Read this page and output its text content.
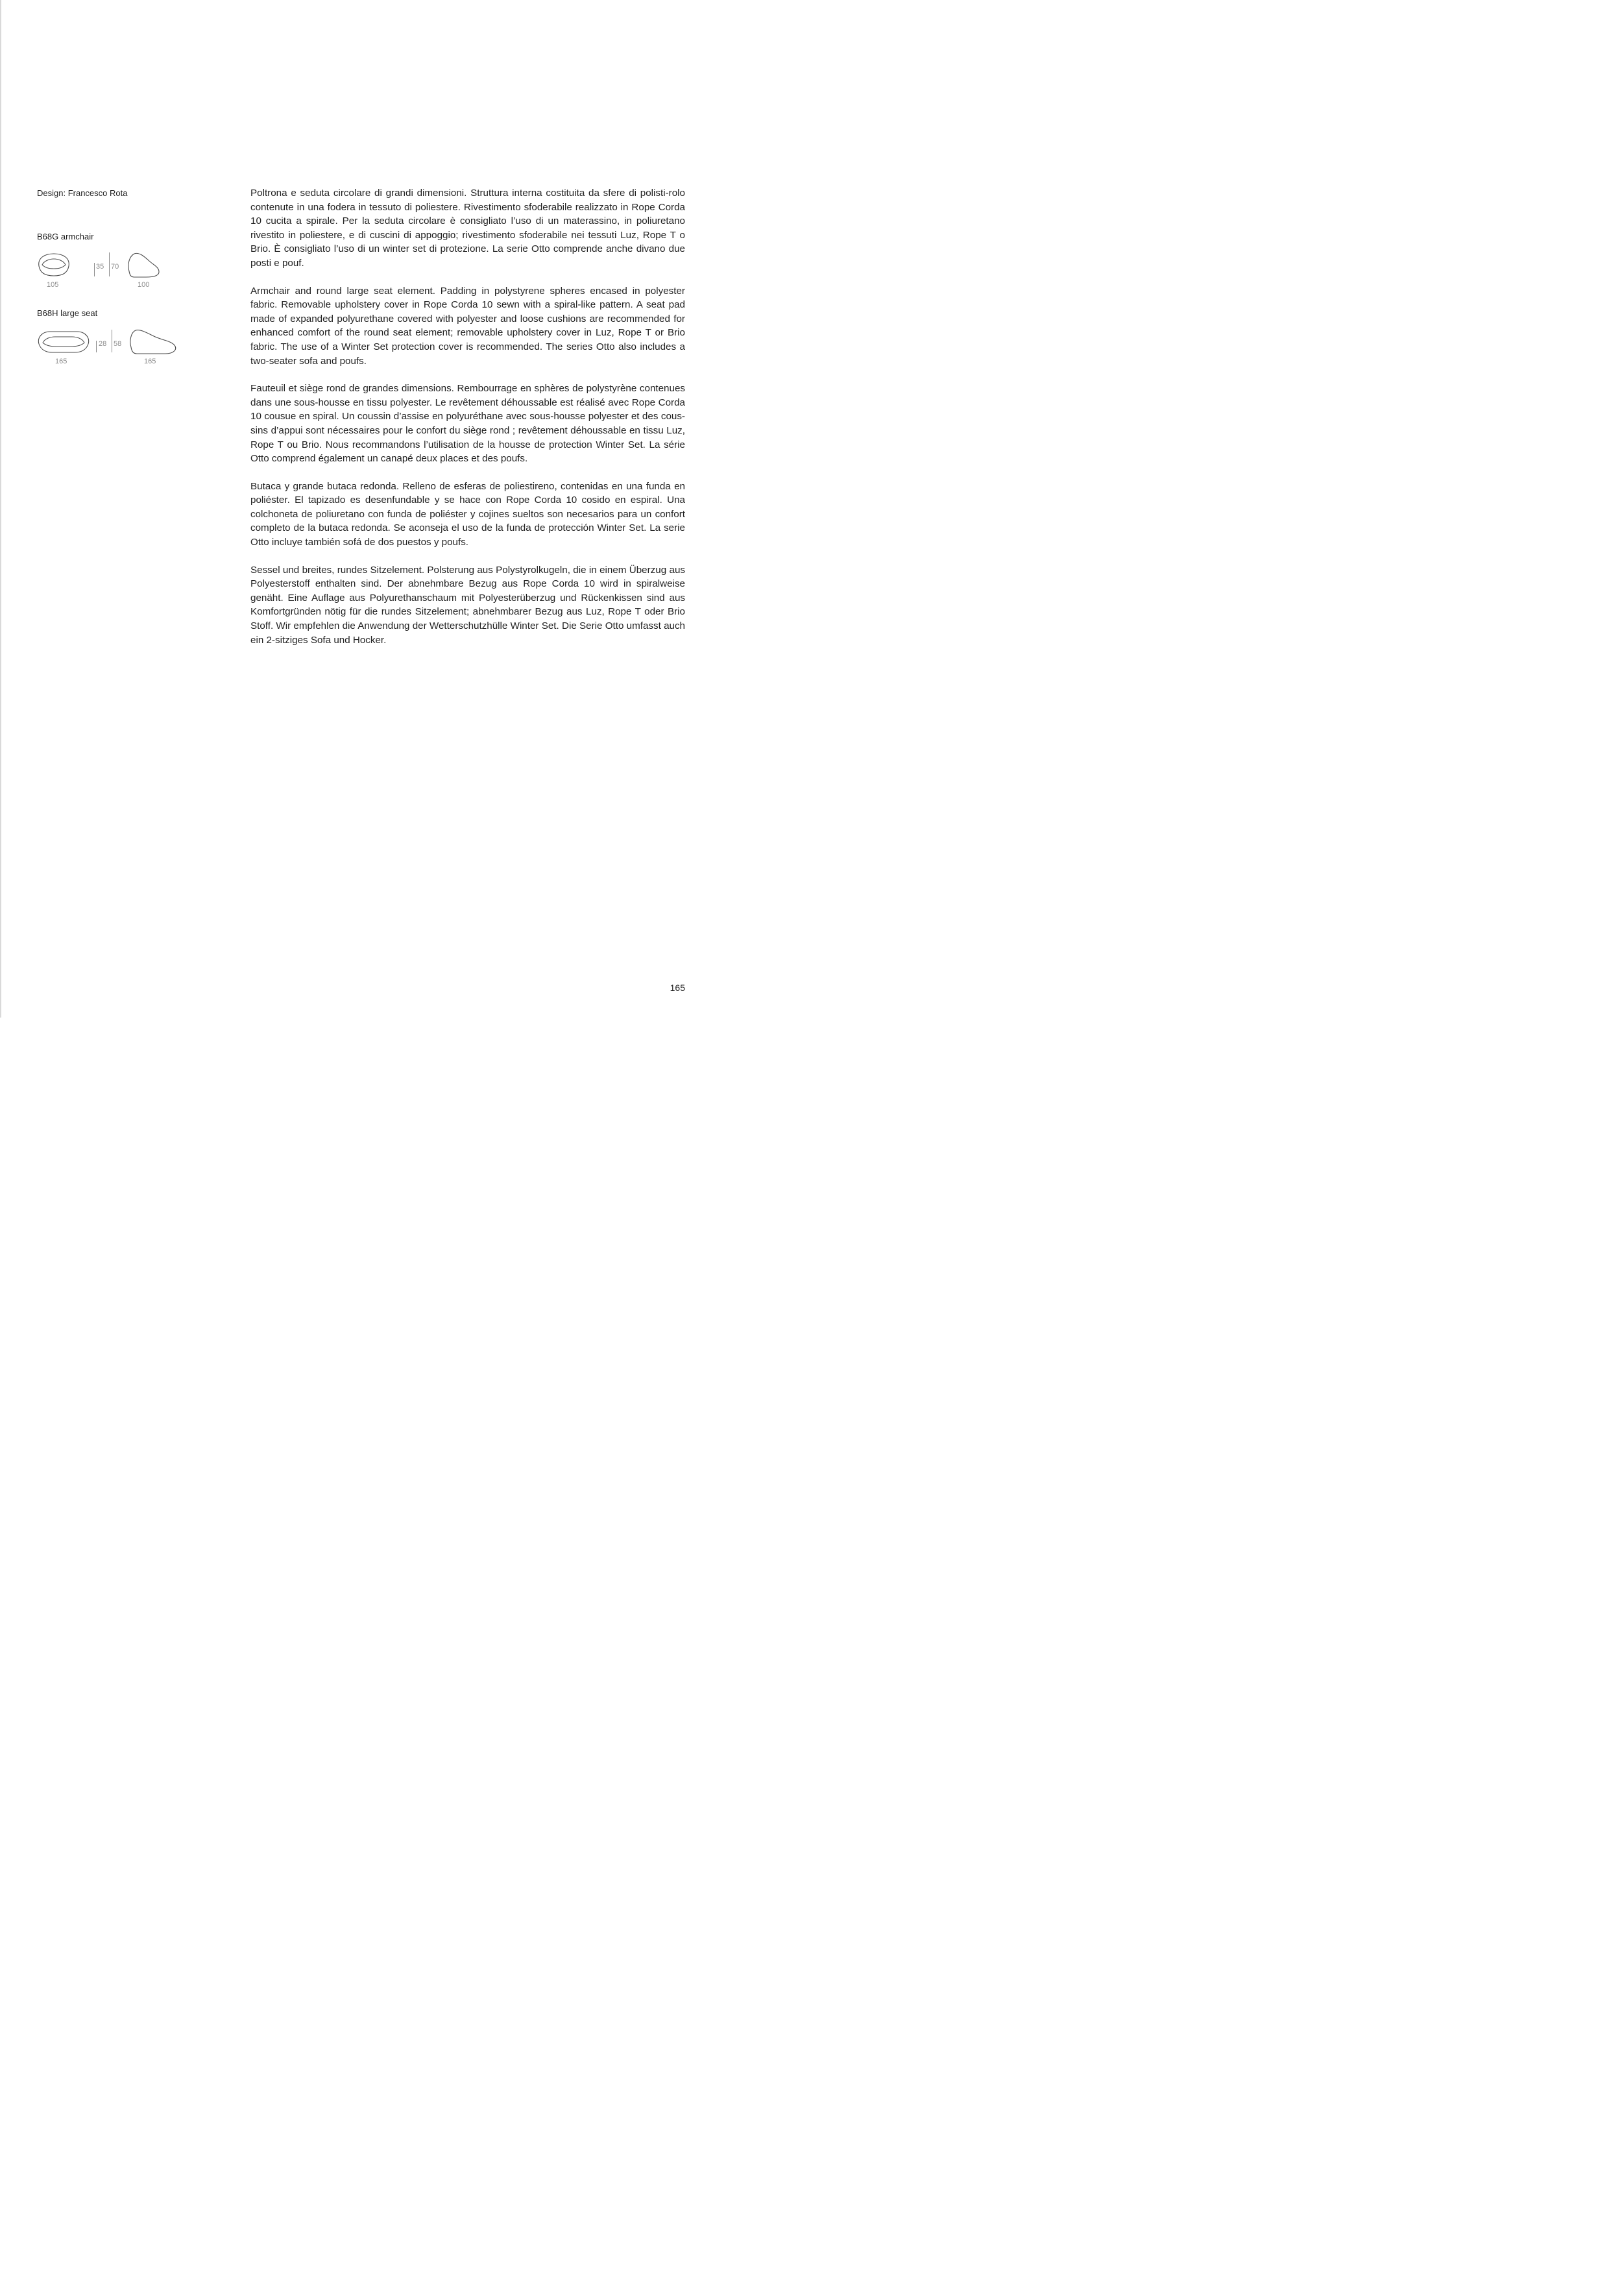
Design: Francesco Rota
B68G armchair
35 70
105	100
B68H large seat
28 58
165	165

Poltrona e seduta circolare di grandi dimensioni. Struttura interna costituita da sfere di polisti-rolo contenute in una fodera in tessuto di poliestere. Rivestimento sfoderabile realizzato in Rope Corda 10 cucita a spirale. Per la seduta circolare è consigliato l’uso di un materassino, in poliuretano rivestito in poliestere, e di cuscini di appoggio; rivestimento sfoderabile nei tessuti Luz, Rope T o Brio. È consigliato l’uso di un winter set di protezione. La serie Otto comprende anche divano due posti e pouf.

Armchair and round large seat element. Padding in polystyrene spheres encased in polyester fabric. Removable upholstery cover in Rope Corda 10 sewn with a spiral-like pattern. A seat pad made of expanded polyurethane covered with polyester and loose cushions are recommended for enhanced comfort of the round seat element; removable upholstery cover in Luz, Rope T or Brio fabric. The use of a Winter Set protection cover is recommended. The series Otto also includes a two-seater sofa and poufs.

Fauteuil et siège rond de grandes dimensions. Rembourrage en sphères de polystyrène contenues dans une sous-housse en tissu polyester. Le revêtement déhoussable est réalisé avec Rope Corda 10 cousue en spiral. Un coussin d’assise en polyuréthane avec sous-housse polyester et des cous-sins d’appui sont nécessaires pour le confort du siège rond ; revêtement déhoussable en tissu Luz, Rope T ou Brio. Nous recommandons l’utilisation de la housse de protection Winter Set. La série Otto comprend également un canapé deux places et des poufs.

Butaca y grande butaca redonda. Relleno de esferas de poliestireno, contenidas en una funda en poliéster. El tapizado es desenfundable y se hace con Rope Corda 10 cosido en espiral. Una colchoneta de poliuretano con funda de poliéster y cojines sueltos son necesarios para un confort completo de la butaca redonda. Se aconseja el uso de la funda de protección Winter Set. La serie Otto incluye también sofá de dos puestos y poufs.

Sessel und breites, rundes Sitzelement. Polsterung aus Polystyrolkugeln, die in einem Überzug aus Polyesterstoff enthalten sind. Der abnehmbare Bezug aus Rope Corda 10 wird in spiralweise genäht. Eine Auflage aus Polyurethanschaum mit Polyesterüberzug und Rückenkissen sind aus Komfortgründen nötig für die rundes Sitzelement; abnehmbarer Bezug aus Luz, Rope T oder Brio Stoff. Wir empfehlen die Anwendung der Wetterschutzhülle Winter Set. Die Serie Otto umfasst auch ein 2-sitziges Sofa und Hocker.

165
